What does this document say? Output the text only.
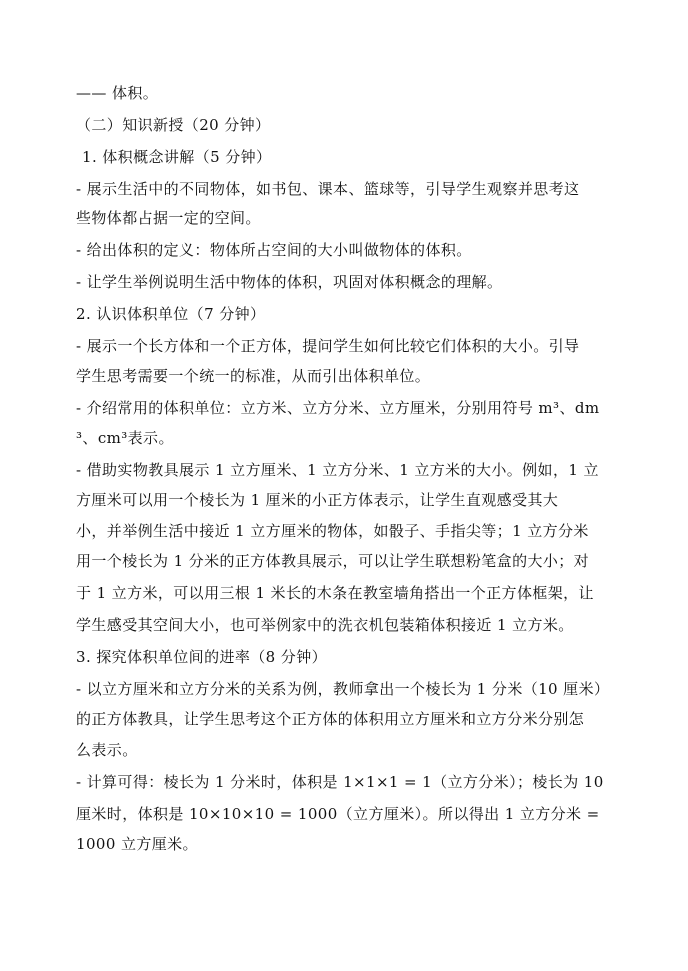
—— 体积。
（二）知识新授（20 分钟）
1. 体积概念讲解（5 分钟）
- 展示生活中的不同物体，如书包、课本、篮球等，引导学生观察并思考这
些物体都占据一定的空间。
- 给出体积的定义：物体所占空间的大小叫做物体的体积。
- 让学生举例说明生活中物体的体积，巩固对体积概念的理解。
2. 认识体积单位（7 分钟）
- 展示一个长方体和一个正方体，提问学生如何比较它们体积的大小。引导
学生思考需要一个统一的标准，从而引出体积单位。
- 介绍常用的体积单位：立方米、立方分米、立方厘米，分别用符号 m³、dm
³、cm³表示。
- 借助实物教具展示 1 立方厘米、1 立方分米、1 立方米的大小。例如，1 立
方厘米可以用一个棱长为 1 厘米的小正方体表示，让学生直观感受其大
小，并举例生活中接近 1 立方厘米的物体，如骰子、手指尖等；1 立方分米
用一个棱长为 1 分米的正方体教具展示，可以让学生联想粉笔盒的大小；对
于 1 立方米，可以用三根 1 米长的木条在教室墙角搭出一个正方体框架，让
学生感受其空间大小，也可举例家中的洗衣机包装箱体积接近 1 立方米。
3. 探究体积单位间的进率（8 分钟）
- 以立方厘米和立方分米的关系为例，教师拿出一个棱长为 1 分米（10 厘米）
的正方体教具，让学生思考这个正方体的体积用立方厘米和立方分米分别怎
么表示。
- 计算可得：棱长为 1 分米时，体积是 1×1×1 = 1（立方分米）；棱长为 10
厘米时，体积是 10×10×10 = 1000（立方厘米）。所以得出 1 立方分米 =
1000 立方厘米。
